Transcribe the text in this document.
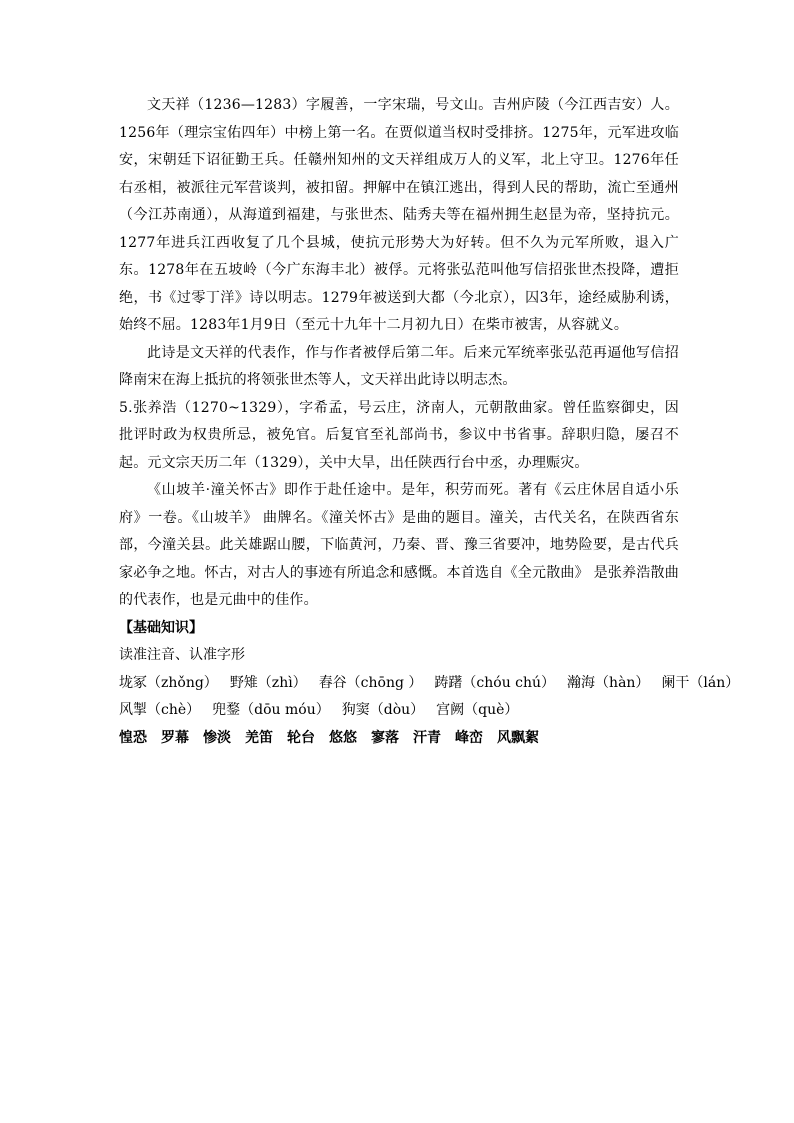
文天祥（1236—1283）字履善，一字宋瑞，号文山。吉州庐陵（今江西吉安）人。1256年（理宗宝佑四年）中榜上第一名。在贾似道当权时受排挤。1275年，元军进攻临安，宋朝廷下诏征勤王兵。任赣州知州的文天祥组成万人的义军，北上守卫。1276年任右丞相，被派往元军营谈判，被扣留。押解中在镇江逃出，得到人民的帮助，流亡至通州（今江苏南通），从海道到福建，与张世杰、陆秀夫等在福州拥生赵昰为帝，坚持抗元。1277年进兵江西收复了几个县城，使抗元形势大为好转。但不久为元军所败，退入广东。1278年在五坡岭（今广东海丰北）被俘。元将张弘范叫他写信招张世杰投降，遭拒绝，书《过零丁洋》诗以明志。1279年被送到大都（今北京），囚3年，途经威胁利诱，始终不屈。1283年1月9日（至元十九年十二月初九日）在柴市被害，从容就义。

此诗是文天祥的代表作，作与作者被俘后第二年。后来元军统率张弘范再逼他写信招降南宋在海上抵抗的将领张世杰等人，文天祥出此诗以明志杰。

5.张养浩（1270~1329），字希孟，号云庄，济南人，元朝散曲家。曾任监察御史，因批评时政为权贵所忌，被免官。后复官至礼部尚书，参议中书省事。辞职归隐，屡召不起。元文宗天历二年（1329），关中大旱，出任陕西行台中丞，办理赈灾。

《山坡羊·潼关怀古》即作于赴任途中。是年，积劳而死。著有《云庄休居自适小乐府》一卷。《山坡羊》 曲牌名。《潼关怀古》是曲的题目。潼关，古代关名，在陕西省东部，今潼关县。此关雄踞山腰，下临黄河，乃秦、晋、豫三省要冲，地势险要，是古代兵家必争之地。怀古，对古人的事迹有所追念和感慨。本首选自《全元散曲》 是张养浩散曲的代表作，也是元曲中的佳作。

【基础知识】

读准注音、认准字形

垅冢（zhǒng） 野雉（zhì） 舂谷（chōng ） 踌躇（chóu chú） 瀚海（hàn） 阑干（lán）

风掣（chè） 兜鍪（dōu móu） 狗窦（dòu） 宫阙（què）

惶恐 罗幕 惨淡 羌笛 轮台 悠悠 寥落 汗青 峰峦 风飘絮
